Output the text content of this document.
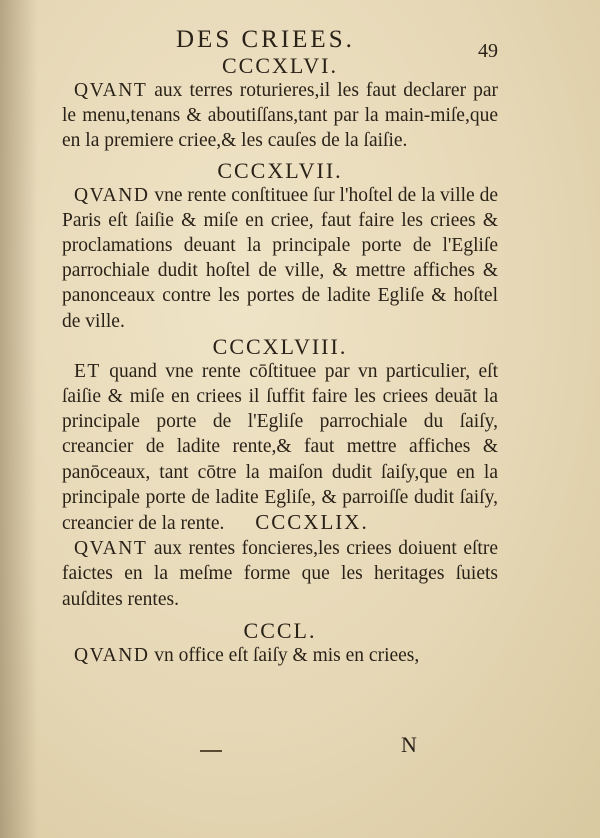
DES CRIEES.	49

CCCXLVI.

QVANT aux terres roturieres,il les faut declarer par le menu,tenans & aboutiſſans,tant par la main-miſe,que en la premiere criee,& les cauſes de la ſaiſie.

CCCXLVII.

QVAND vne rente conſtituee ſur l'hoſtel de la ville de Paris eſt ſaiſie & miſe en criee, faut faire les criees & proclamations deuant la principale porte de l'Egliſe parrochiale dudit hoſtel de ville, & mettre affiches & panonceaux contre les portes de ladite Egliſe & hoſtel de ville.

CCCXLVIII.

ET quand vne rente cōſtituee par vn particulier, eſt ſaiſie & miſe en criees il ſuffit faire les criees deuāt la principale porte de l'Egliſe parrochiale du ſaiſy, creancier de ladite rente,& faut mettre affiches & panōceaux, tant cōtre la maiſon dudit ſaiſy,que en la principale porte de ladite Egliſe, & parroiſſe dudit ſaiſy, creancier de la rente. CCCXLIX.

QVANT aux rentes foncieres,les criees doiuent eſtre faictes en la meſme forme que les heritages ſuiets auſdites rentes.

CCCL.

QVAND vn office eſt ſaiſy & mis en criees,

N
